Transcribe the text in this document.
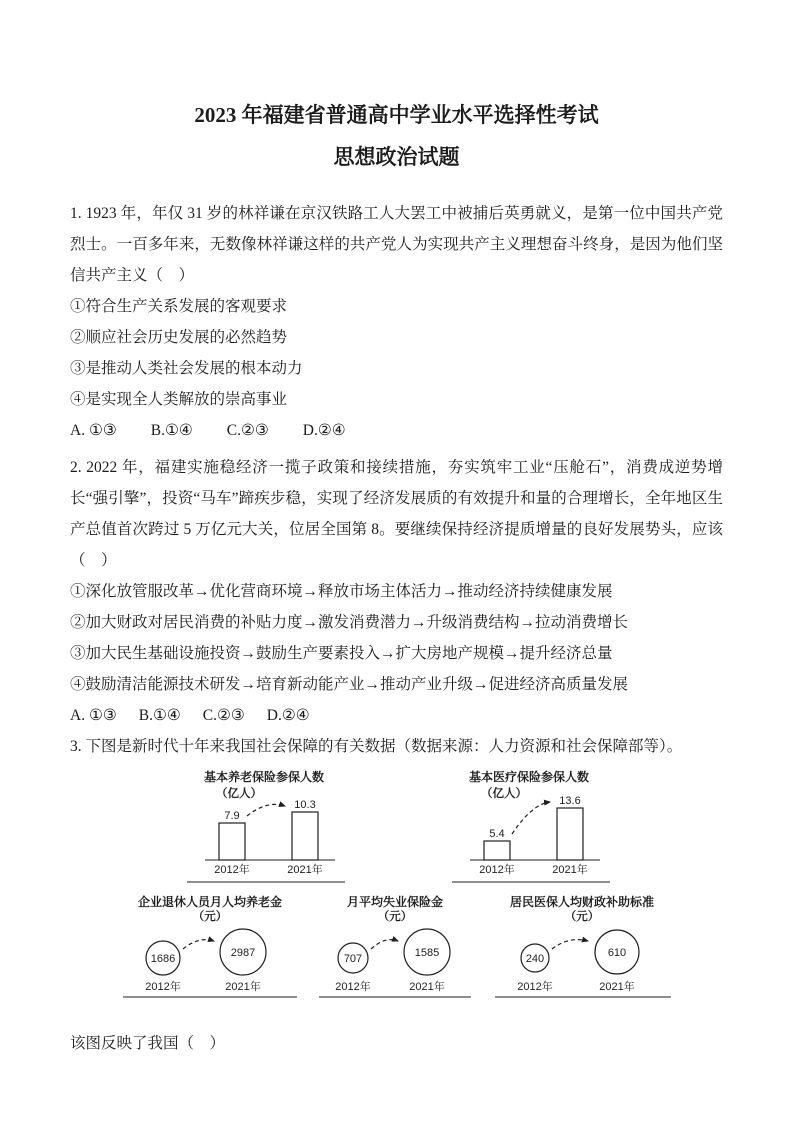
2023 年福建省普通高中学业水平选择性考试
思想政治试题

1. 1923 年，年仅 31 岁的林祥谦在京汉铁路工人大罢工中被捕后英勇就义，是第一位中国共产党烈士。一百多年来，无数像林祥谦这样的共产党人为实现共产主义理想奋斗终身，是因为他们坚信共产主义（　）

①符合生产关系发展的客观要求

②顺应社会历史发展的必然趋势

③是推动人类社会发展的根本动力

④是实现全人类解放的崇高事业

A. ①③ B.①④ C.②③ D.②④

2. 2022 年，福建实施稳经济一揽子政策和接续措施，夯实筑牢工业“压舱石”，消费成逆势增长“强引擎”，投资“马车”蹄疾步稳，实现了经济发展质的有效提升和量的合理增长，全年地区生产总值首次跨过 5 万亿元大关，位居全国第 8。要继续保持经济提质增量的良好发展势头，应该（　）

①深化放管服改革→优化营商环境→释放市场主体活力→推动经济持续健康发展

②加大财政对居民消费的补贴力度→激发消费潜力→升级消费结构→拉动消费增长

③加大民生基础设施投资→鼓励生产要素投入→扩大房地产规模→提升经济总量

④鼓励清洁能源技术研发→培育新动能产业→推动产业升级→促进经济高质量发展

A. ①③ B.①④ C.②③ D.②④

3. 下图是新时代十年来我国社会保障的有关数据（数据来源：人力资源和社会保障部等）。

基本养老保险参保人数
（亿人）
7.9
10.3
2012年	2021年
基本医疗保险参保人数
（亿人）
5.4
13.6
2012年	2021年
企业退休人员月人均养老金
（元）
1686	2987
2012年	2021年
月平均失业保险金
（元）
707	1585
2012年	2021年
居民医保人均财政补助标准
（元）
240	610
2012年	2021年

该图反映了我国（　）
